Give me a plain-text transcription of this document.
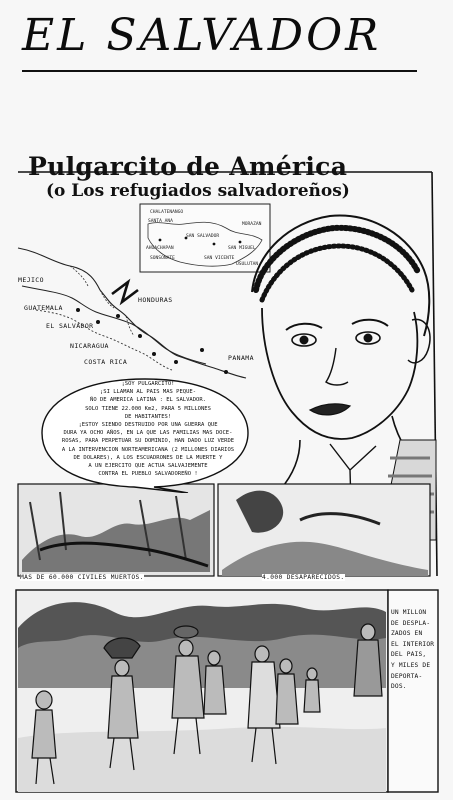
EL SALVADOR
Pulgarcito de América
(o Los refugiados salvadoreños)
CHALATENANGO
SANTA ANA
SAN SALVADOR
MORAZAN
SONSONATE
SAN MIGUEL
SAN VICENTE
USULUTAN
AHUACHAPAN
MEJICO
GUATEMALA
EL SALVADOR
HONDURAS
NICARAGUA
COSTA RICA	PANAMA
¡SOY PULGARCITO!
¡SI LLAMAN AL PAIS MAS PEQUE-
ÑO DE AMERICA LATINA : EL SALVADOR.
SOLO TIENE 22.000 Km2, PARA 5 MILLONES
DE HABITANTES!
¡ESTOY SIENDO DESTRUIDO POR UNA GUERRA QUE
DURA YA OCHO AÑOS, EN LA QUE LAS FAMILIAS MAS DOCE-
ROSAS, PARA PERPETUAR SU DOMINIO, HAN DADO LUZ VERDE
A LA INTERVENCION NORTEAMERICANA (2 MILLONES DIARIOS
DE DOLARES), A LOS ESCUADRONES DE LA MUERTE Y
A UN EJERCITO QUE ACTUA SALVAJEMENTE
CONTRA EL PUEBLO SALVADOREÑO !
MAS DE 60.000 CIVILES MUERTOS.	4.000 DESAPARECIDOS.
UN MILLON
DE DESPLA-
ZADOS EN
EL INTERIOR
DEL PAIS,
Y MILES DE
DEPORTA-
DOS.
